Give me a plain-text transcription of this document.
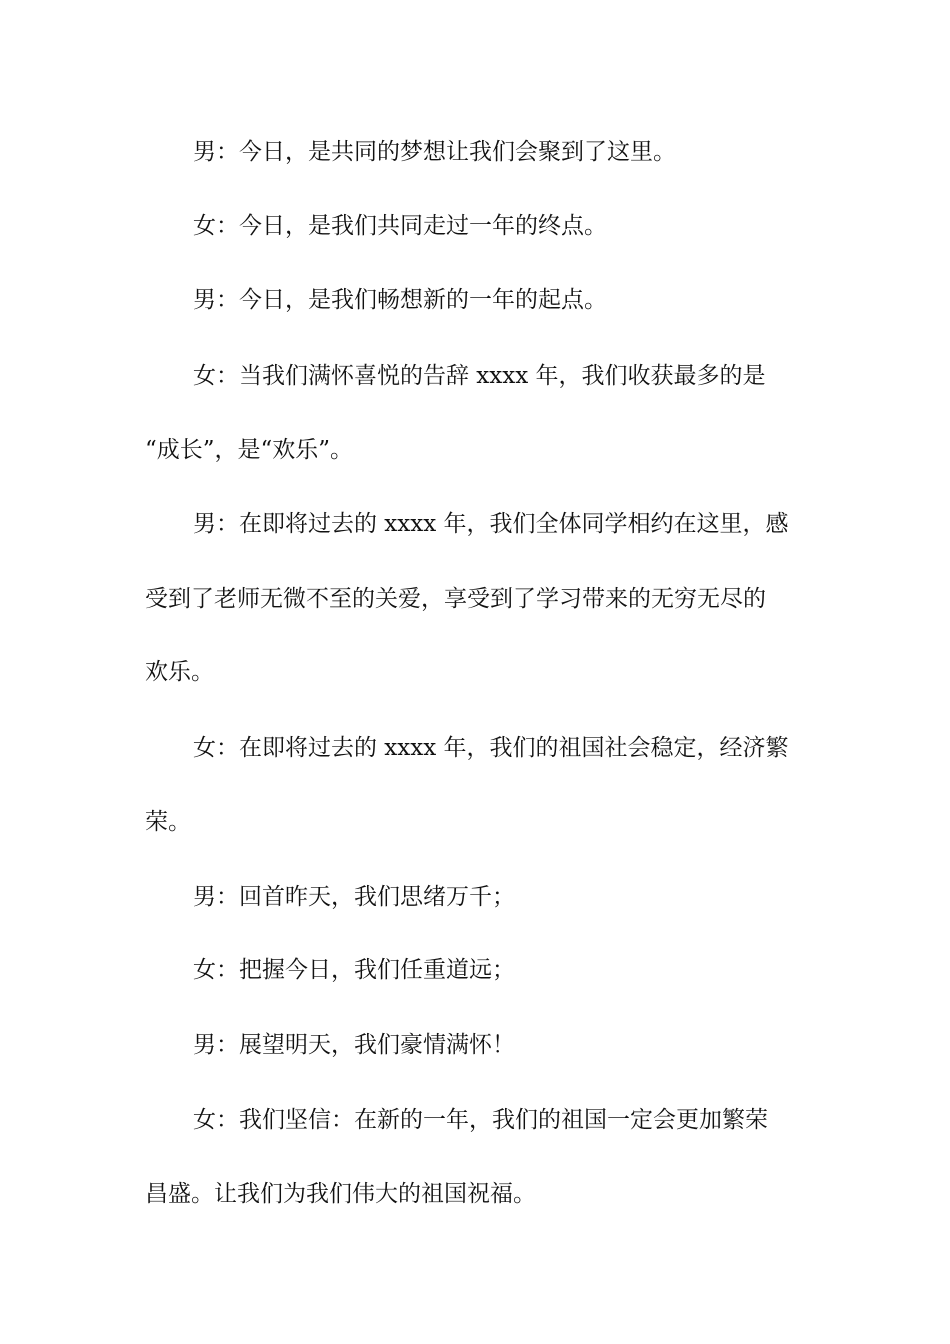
男：今日，是共同的梦想让我们会聚到了这里。
女：今日，是我们共同走过一年的终点。
男：今日，是我们畅想新的一年的起点。
女：当我们满怀喜悦的告辞 xxxx 年，我们收获最多的是
“成长”，是“欢乐”。
男：在即将过去的 xxxx 年，我们全体同学相约在这里，感
受到了老师无微不至的关爱，享受到了学习带来的无穷无尽的
欢乐。
女：在即将过去的 xxxx 年，我们的祖国社会稳定，经济繁
荣。
男：回首昨天，我们思绪万千；
女：把握今日，我们任重道远；
男：展望明天，我们豪情满怀！
女：我们坚信：在新的一年，我们的祖国一定会更加繁荣
昌盛。让我们为我们伟大的祖国祝福。
